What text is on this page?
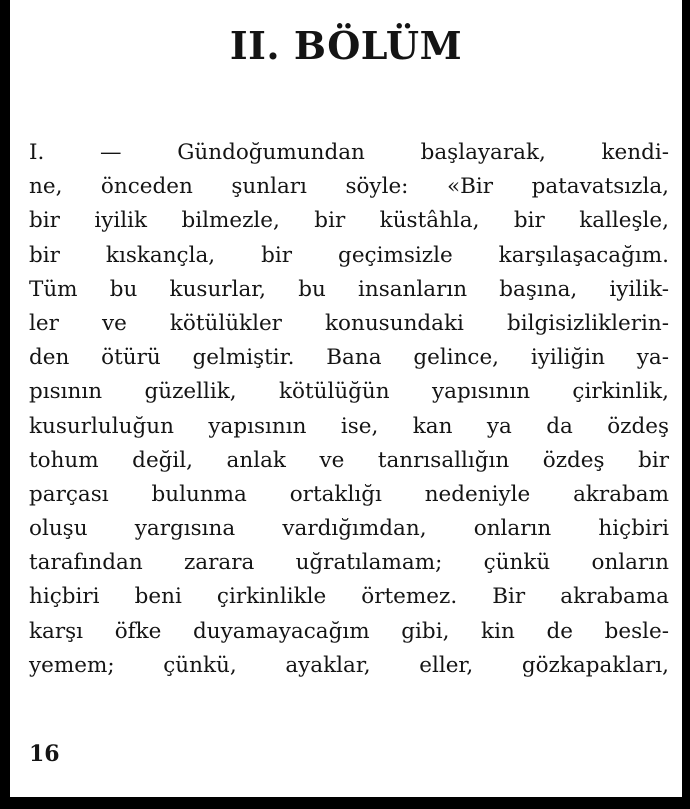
II. BÖLÜM
I. — Gündoğumundan başlayarak, kendi-
ne, önceden şunları söyle: «Bir patavatsızla,
bir iyilik bilmezle, bir küstâhla, bir kalleşle,
bir kıskançla, bir geçimsizle karşılaşacağım.
Tüm bu kusurlar, bu insanların başına, iyilik-
ler ve kötülükler konusundaki bilgisizliklerin-
den ötürü gelmiştir. Bana gelince, iyiliğin ya-
pısının güzellik, kötülüğün yapısının çirkinlik,
kusurluluğun yapısının ise, kan ya da özdeş
tohum değil, anlak ve tanrısallığın özdeş bir
parçası bulunma ortaklığı nedeniyle akrabam
oluşu yargısına vardığımdan, onların hiçbiri
tarafından zarara uğratılamam; çünkü onların
hiçbiri beni çirkinlikle örtemez. Bir akrabama
karşı öfke duyamayacağım gibi, kin de besle-
yemem; çünkü, ayaklar, eller, gözkapakları,
16
